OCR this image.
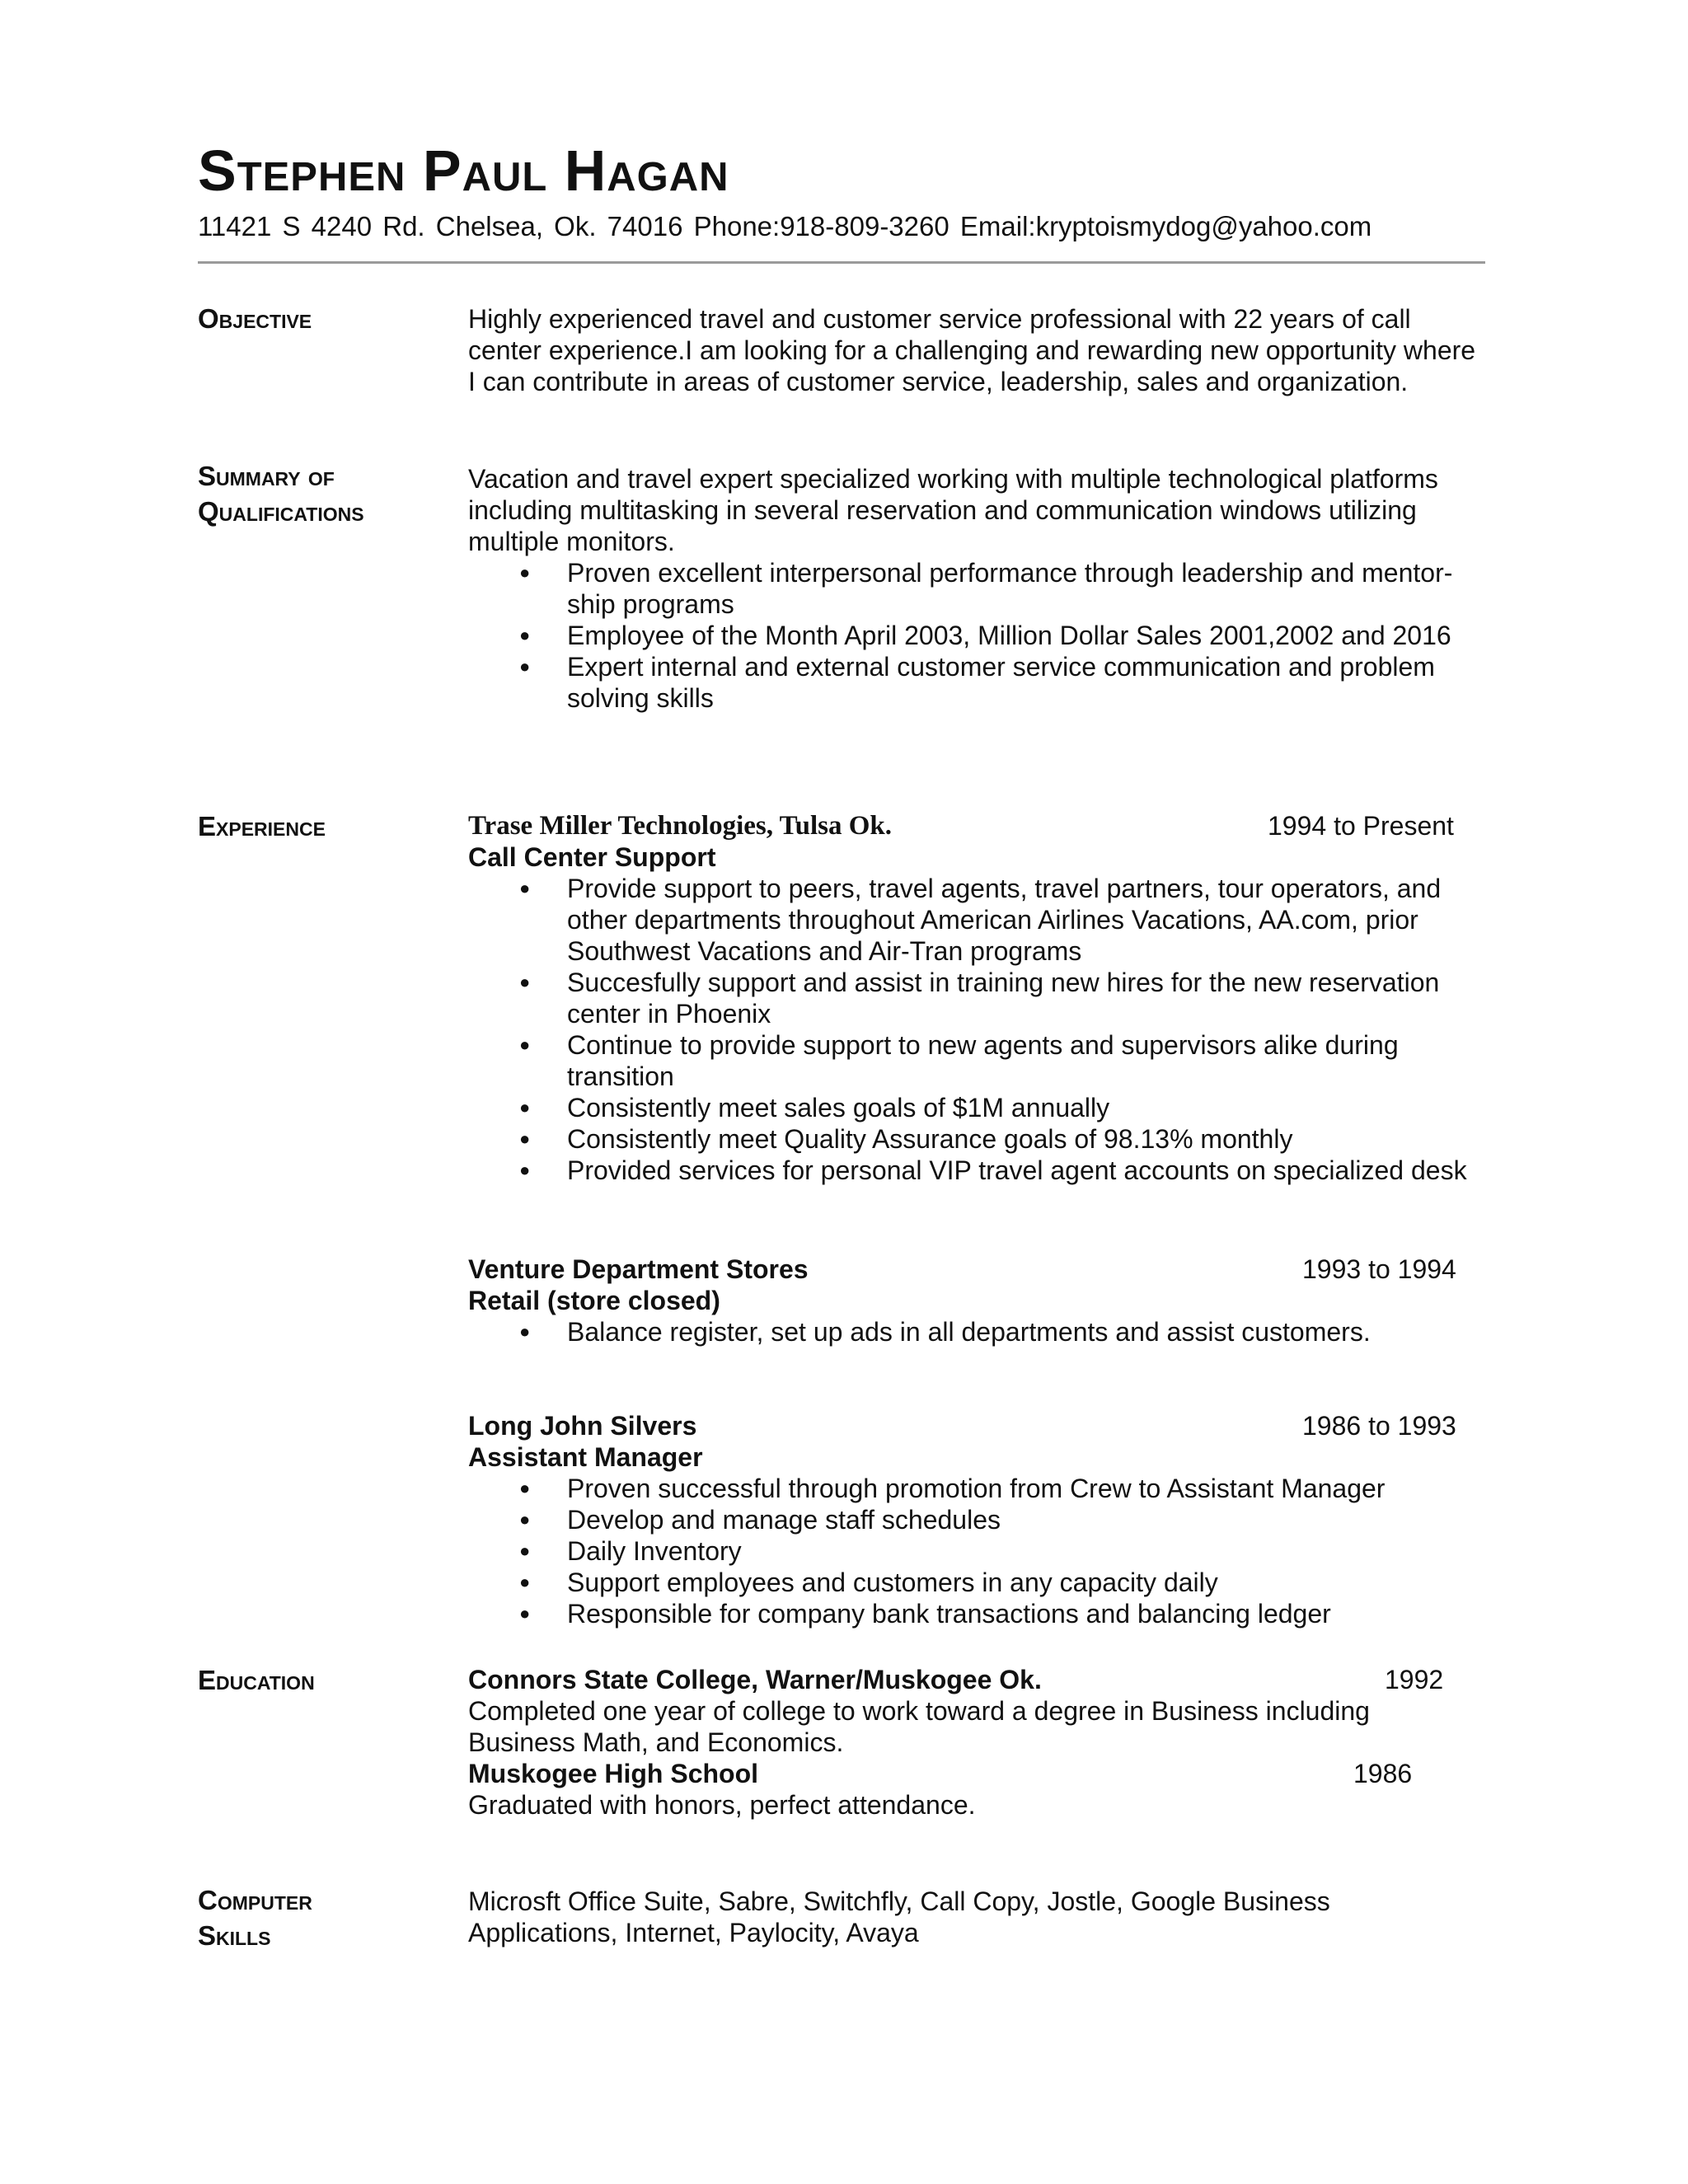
Stephen Paul Hagan
11421 S 4240 Rd. Chelsea, Ok. 74016 Phone:918-809-3260 Email:kryptoismydog@yahoo.com
Objective	Highly experienced travel and customer service professional with 22 years of call center experience.I am looking for a challenging and rewarding new opportunity where I can contribute in areas of customer service, leadership, sales and organization.

Summary of
Qualifications

Vacation and travel expert specialized working with multiple technological platforms including multitasking in several reservation and communication windows utilizing multiple monitors.

● Proven excellent interpersonal performance through leadership and mentor-ship programs
● Employee of the Month April 2003, Million Dollar Sales 2001,2002 and 2016
● Expert internal and external customer service communication and problem solving skills
Experience	Trase Miller Technologies, Tulsa Ok.	1994 to Present
Call Center Support
● Provide support to peers, travel agents, travel partners, tour operators, and other departments throughout American Airlines Vacations, AA.com, prior Southwest Vacations and Air-Tran programs
● Succesfully support and assist in training new hires for the new reservation center in Phoenix
● Continue to provide support to new agents and supervisors alike during transition
● Consistently meet sales goals of $1M annually
● Consistently meet Quality Assurance goals of 98.13% monthly
● Provided services for personal VIP travel agent accounts on specialized desk
Venture Department Stores	1993 to 1994
Retail (store closed)
● Balance register, set up ads in all departments and assist customers.
Long John Silvers	1986 to 1993
Assistant Manager
● Proven successful through promotion from Crew to Assistant Manager
● Develop and manage staff schedules
● Daily Inventory
● Support employees and customers in any capacity daily
● Responsible for company bank transactions and balancing ledger
Education	Connors State College, Warner/Muskogee Ok.	1992

Completed one year of college to work toward a degree in Business including Business Math, and Economics.

Muskogee High School	1986

Graduated with honors, perfect attendance.

Computer
Skills

Microsft Office Suite, Sabre, Switchfly, Call Copy, Jostle, Google Business Applications, Internet, Paylocity, Avaya
